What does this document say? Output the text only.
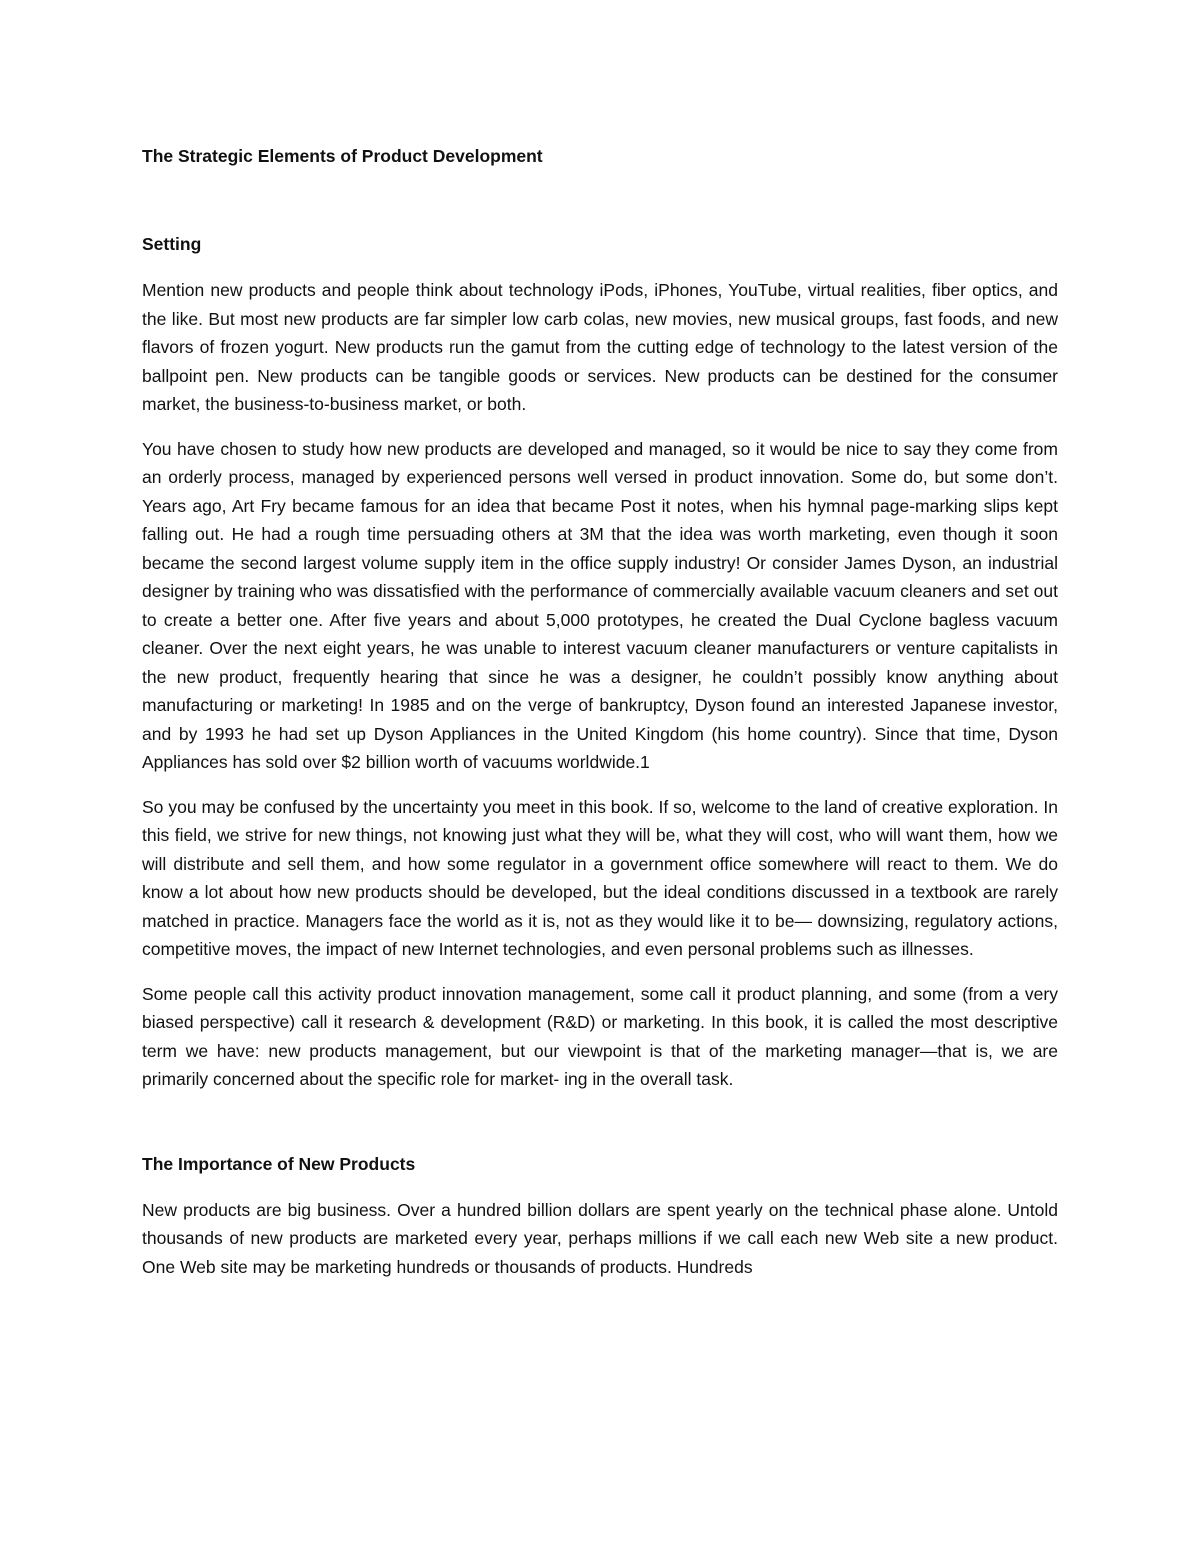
The Strategic Elements of Product Development
Setting

Mention new products and people think about technology iPods, iPhones, YouTube, virtual realities, fiber optics, and the like. But most new products are far simpler low carb colas, new movies, new musical groups, fast foods, and new flavors of frozen yogurt. New products run the gamut from the cutting edge of technology to the latest version of the ballpoint pen. New products can be tangible goods or services. New products can be destined for the consumer market, the business-to-business market, or both.

You have chosen to study how new products are developed and managed, so it would be nice to say they come from an orderly process, managed by experienced persons well versed in product innovation. Some do, but some don’t. Years ago, Art Fry became famous for an idea that became Post it notes, when his hymnal page-marking slips kept falling out. He had a rough time persuading others at 3M that the idea was worth marketing, even though it soon became the second largest volume supply item in the office supply industry! Or consider James Dyson, an industrial designer by training who was dissatisfied with the performance of commercially available vacuum cleaners and set out to create a better one. After five years and about 5,000 prototypes, he created the Dual Cyclone bagless vacuum cleaner. Over the next eight years, he was unable to interest vacuum cleaner manufacturers or venture capitalists in the new product, frequently hearing that since he was a designer, he couldn’t possibly know anything about manufacturing or marketing! In 1985 and on the verge of bankruptcy, Dyson found an interested Japanese investor, and by 1993 he had set up Dyson Appliances in the United Kingdom (his home country). Since that time, Dyson Appliances has sold over $2 billion worth of vacuums worldwide.1

So you may be confused by the uncertainty you meet in this book. If so, welcome to the land of creative exploration. In this field, we strive for new things, not knowing just what they will be, what they will cost, who will want them, how we will distribute and sell them, and how some regulator in a government office somewhere will react to them. We do know a lot about how new products should be developed, but the ideal conditions discussed in a textbook are rarely matched in practice. Managers face the world as it is, not as they would like it to be— downsizing, regulatory actions, competitive moves, the impact of new Internet technologies, and even personal problems such as illnesses.

Some people call this activity product innovation management, some call it product planning, and some (from a very biased perspective) call it research & development (R&D) or marketing. In this book, it is called the most descriptive term we have: new products management, but our viewpoint is that of the marketing manager—that is, we are primarily concerned about the specific role for market- ing in the overall task.

The Importance of New Products

New products are big business. Over a hundred billion dollars are spent yearly on the technical phase alone. Untold thousands of new products are marketed every year, perhaps millions if we call each new Web site a new product. One Web site may be marketing hundreds or thousands of products. Hundreds
